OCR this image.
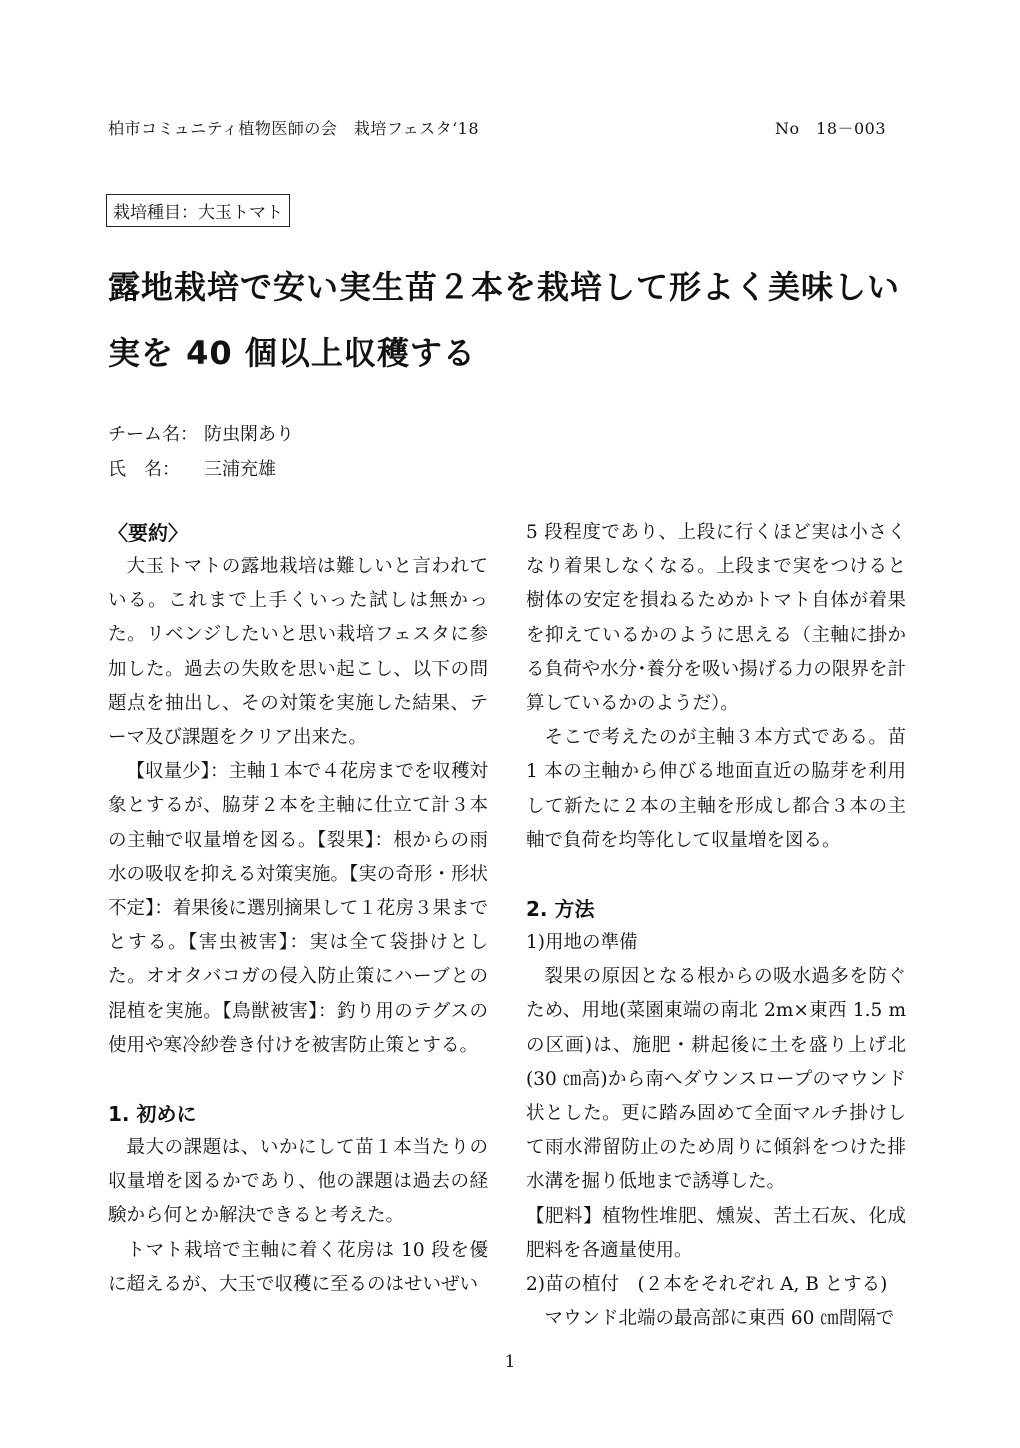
柏市コミュニティ植物医師の会　栽培フェスタ‘18	No　18－003
栽培種目：大玉トマト
露地栽培で安い実生苗２本を栽培して形よく美味しい実を 40 個以上収穫する
チーム名： 防虫閑あり
氏　名： 三浦充雄
〈要約〉

大玉トマトの露地栽培は難しいと言われている。これまで上手くいった試しは無かった。リベンジしたいと思い栽培フェスタに参加した。過去の失敗を思い起こし、以下の問題点を抽出し、その対策を実施した結果、テーマ及び課題をクリア出来た。

【収量少】：主軸１本で４花房までを収穫対象とするが、脇芽２本を主軸に仕立て計３本の主軸で収量増を図る。【裂果】：根からの雨水の吸収を抑える対策実施。【実の奇形・形状不定】：着果後に選別摘果して１花房３果までとする。【害虫被害】：実は全て袋掛けとした。オオタバコガの侵入防止策にハーブとの混植を実施。【鳥獣被害】：釣り用のテグスの使用や寒冷紗巻き付けを被害防止策とする。

1. 初めに

最大の課題は、いかにして苗１本当たりの収量増を図るかであり、他の課題は過去の経験から何とか解決できると考えた。

トマト栽培で主軸に着く花房は 10 段を優に超えるが、大玉で収穫に至るのはせいぜい

5 段程度であり、上段に行くほど実は小さくなり着果しなくなる。上段まで実をつけると樹体の安定を損ねるためかトマト自体が着果を抑えているかのように思える（主軸に掛かる負荷や水分･養分を吸い揚げる力の限界を計算しているかのようだ）。

そこで考えたのが主軸３本方式である。苗 1 本の主軸から伸びる地面直近の脇芽を利用して新たに２本の主軸を形成し都合３本の主軸で負荷を均等化して収量増を図る。

2. 方法

1)用地の準備

裂果の原因となる根からの吸水過多を防ぐため、用地(菜園東端の南北 2m×東西 1.5 mの区画)は、施肥・耕起後に土を盛り上げ北(30 ㎝高)から南へダウンスロープのマウンド状とした。更に踏み固めて全面マルチ掛けして雨水滞留防止のため周りに傾斜をつけた排水溝を掘り低地まで誘導した。

【肥料】植物性堆肥、燻炭、苦土石灰、化成肥料を各適量使用。

2)苗の植付　(２本をそれぞれ A, B とする)

マウンド北端の最高部に東西 60 ㎝間隔で

1
